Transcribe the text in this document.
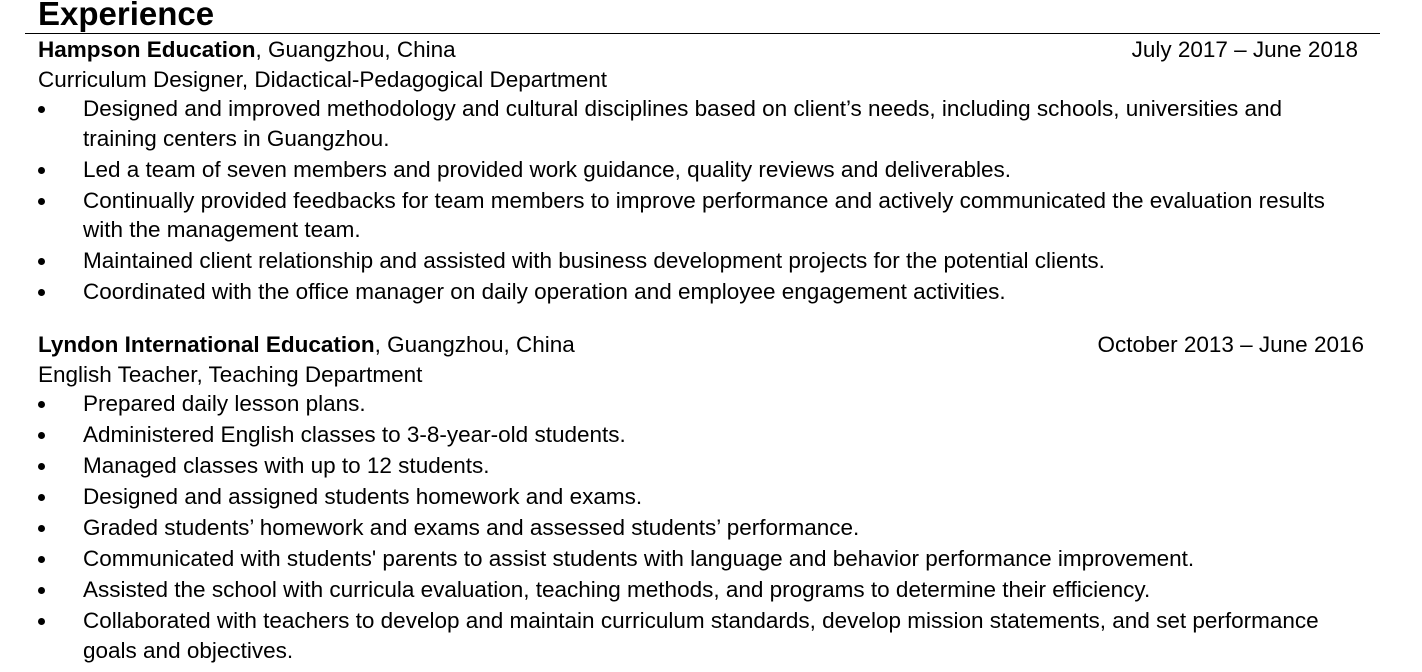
Experience
Hampson Education, Guangzhou, China	July 2017 – June 2018
Curriculum Designer, Didactical-Pedagogical Department
Designed and improved methodology and cultural disciplines based on client’s needs, including schools, universities and training centers in Guangzhou.
Led a team of seven members and provided work guidance, quality reviews and deliverables.
Continually provided feedbacks for team members to improve performance and actively communicated the evaluation results with the management team.
Maintained client relationship and assisted with business development projects for the potential clients.
Coordinated with the office manager on daily operation and employee engagement activities.
Lyndon International Education, Guangzhou, China	October 2013 – June 2016
English Teacher, Teaching Department
Prepared daily lesson plans.
Administered English classes to 3-8-year-old students.
Managed classes with up to 12 students.
Designed and assigned students homework and exams.
Graded students’ homework and exams and assessed students’ performance.
Communicated with students' parents to assist students with language and behavior performance improvement.
Assisted the school with curricula evaluation, teaching methods, and programs to determine their efficiency.
Collaborated with teachers to develop and maintain curriculum standards, develop mission statements, and set performance goals and objectives.
